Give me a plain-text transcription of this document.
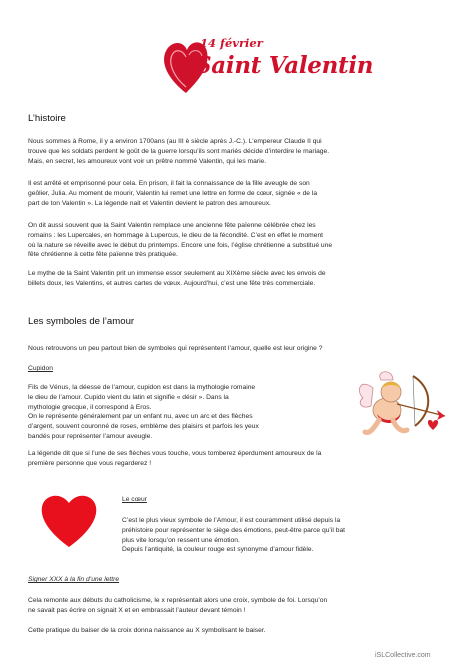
14 février
Saint Valentin
L’histoire
Nous sommes à Rome, il y a environ 1700ans (au III è siècle après J.-C.). L’empereur Claude II qui
trouve que les soldats perdent le goût de la guerre lorsqu’ils sont mariés décide d’interdire le mariage.
Mais, en secret, les amoureux vont voir un prêtre nommé Valentin, qui les marie.
Il est arrêté et emprisonné pour cela. En prison, il fait la connaissance de la fille aveugle de son
geôlier, Julia. Au moment de mourir, Valentin lui remet une lettre en forme de cœur, signée « de la
part de ton Valentin ». La légende nait et Valentin devient le patron des amoureux.
On dit aussi souvent que la Saint Valentin remplace une ancienne fête païenne célébrée chez les
romains : les Lupercales, en hommage à Lupercus, le dieu de la fécondité. C’est en effet le moment
où la nature se réveille avec le début du printemps. Encore une fois, l’église chrétienne a substitué une
fête chrétienne à cette fête païenne très pratiquée.
Le mythe de la Saint Valentin prit un immense essor seulement au XIXème siècle avec les envois de
billets doux, les Valentins, et autres cartes de vœux. Aujourd’hui, c’est une fête très commerciale.
Les symboles de l’amour
Nous retrouvons un peu partout bien de symboles qui représentent l’amour, quelle est leur origine ?
Cupidon
Fils de Vénus, la déesse de l’amour, cupidon est dans la mythologie romaine
le dieu de l’amour. Cupido vient du latin et signifie « désir ». Dans la
mythologie grecque, il correspond à Eros.
On le représente généralement par un enfant nu, avec un arc et des flèches
d’argent, souvent couronné de roses, emblème des plaisirs et parfois les yeux
bandés pour représenter l’amour aveugle.
La légende dit que si l’une de ses flèches vous touche, vous tomberez éperdument amoureux de la
première personne que vous regarderez !
Le cœur
C’est le plus vieux symbole de l’Amour, il est couramment utilisé depuis la
préhistoire pour représenter le siège des émotions, peut-être parce qu’il bat
plus vite lorsqu’on ressent une émotion.
Depuis l’antiquité, la couleur rouge est synonyme d’amour fidèle.
Signer XXX à la fin d’une lettre
Cela remonte aux débuts du catholicisme, le x représentait alors une croix, symbole de foi. Lorsqu’on
ne savait pas écrire on signait X et en embrassait l’auteur devant témoin !
Cette pratique du baiser de la croix donna naissance au X symbolisant le baiser.
iSLCollective.com
